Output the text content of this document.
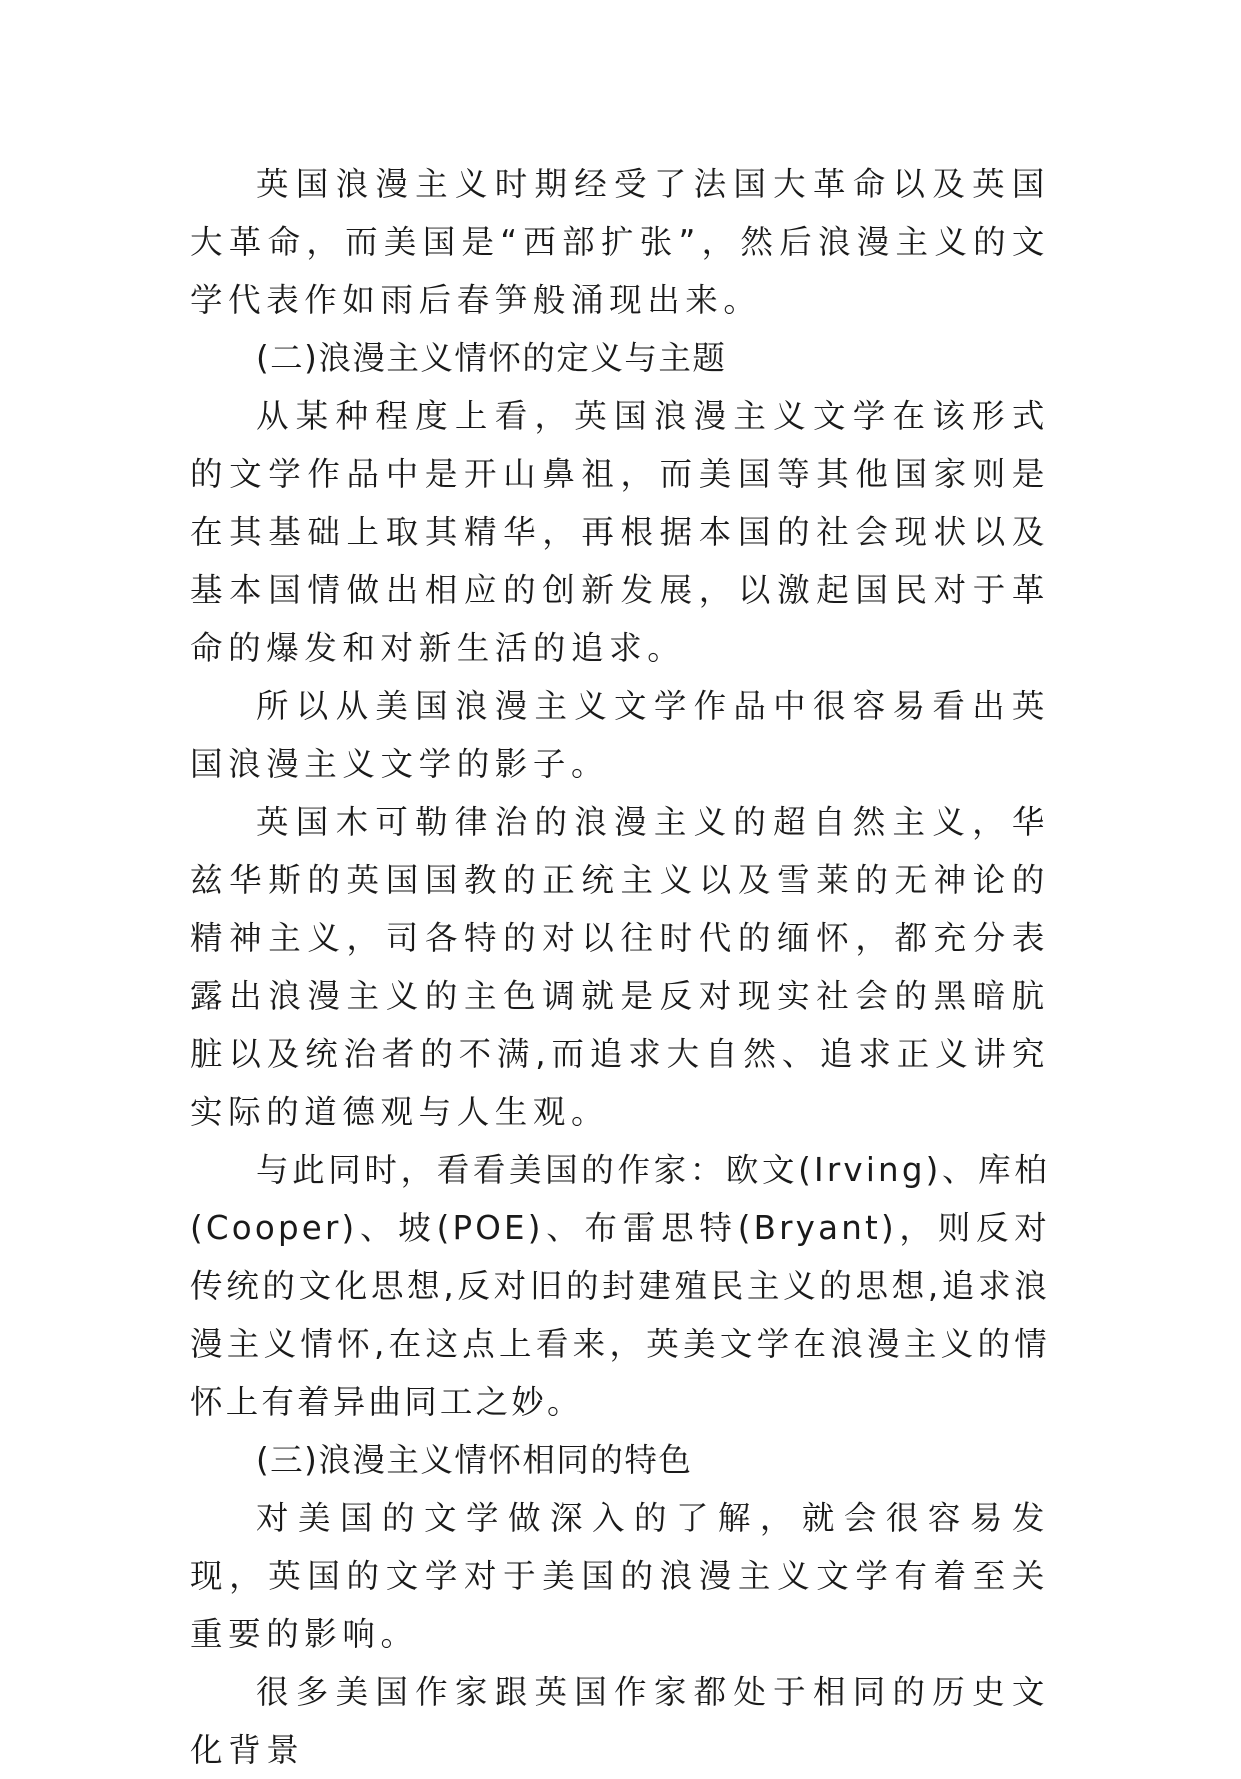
英国浪漫主义时期经受了法国大革命以及英国大革命，而美国是“西部扩张”，然后浪漫主义的文学代表作如雨后春笋般涌现出来。

(二)浪漫主义情怀的定义与主题

从某种程度上看，英国浪漫主义文学在该形式的文学作品中是开山鼻祖，而美国等其他国家则是在其基础上取其精华，再根据本国的社会现状以及基本国情做出相应的创新发展，以激起国民对于革命的爆发和对新生活的追求。

所以从美国浪漫主义文学作品中很容易看出英国浪漫主义文学的影子。

英国木可勒律治的浪漫主义的超自然主义，华兹华斯的英国国教的正统主义以及雪莱的无神论的精神主义，司各特的对以往时代的缅怀，都充分表露出浪漫主义的主色调就是反对现实社会的黑暗肮脏以及统治者的不满,而追求大自然、追求正义讲究实际的道德观与人生观。

与此同时，看看美国的作家：欧文(Irving)、库柏(Cooper)、坡(POE)、布雷思特(Bryant)，则反对传统的文化思想,反对旧的封建殖民主义的思想,追求浪漫主义情怀,在这点上看来，英美文学在浪漫主义的情怀上有着异曲同工之妙。

(三)浪漫主义情怀相同的特色

对美国的文学做深入的了解，就会很容易发现，英国的文学对于美国的浪漫主义文学有着至关重要的影响。

很多美国作家跟英国作家都处于相同的历史文化背景
